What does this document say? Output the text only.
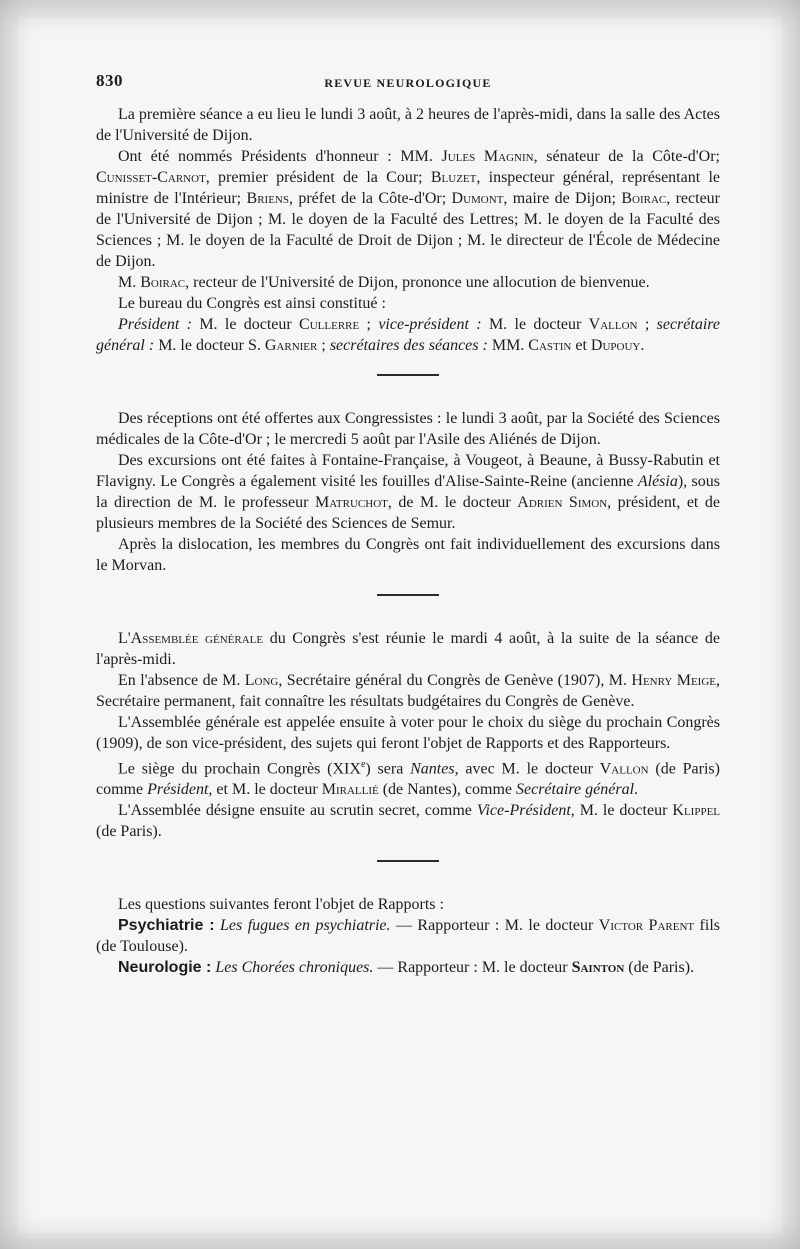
830	REVUE NEUROLOGIQUE

La première séance a eu lieu le lundi 3 août, à 2 heures de l'après-midi, dans la salle des Actes de l'Université de Dijon.

Ont été nommés Présidents d'honneur : MM. Jules Magnin, sénateur de la Côte-d'Or; Cunisset-Carnot, premier président de la Cour; Bluzet, inspecteur général, représentant le ministre de l'Intérieur; Briens, préfet de la Côte-d'Or; Dumont, maire de Dijon; Boirac, recteur de l'Université de Dijon ; M. le doyen de la Faculté des Lettres; M. le doyen de la Faculté des Sciences ; M. le doyen de la Faculté de Droit de Dijon ; M. le directeur de l'École de Médecine de Dijon.

M. Boirac, recteur de l'Université de Dijon, prononce une allocution de bienvenue.

Le bureau du Congrès est ainsi constitué :

Président : M. le docteur Cullerre ; vice-président : M. le docteur Vallon ; secrétaire général : M. le docteur S. Garnier ; secrétaires des séances : MM. Castin et Dupouy.

Des réceptions ont été offertes aux Congressistes : le lundi 3 août, par la Société des Sciences médicales de la Côte-d'Or ; le mercredi 5 août par l'Asile des Aliénés de Dijon.

Des excursions ont été faites à Fontaine-Française, à Vougeot, à Beaune, à Bussy-Rabutin et Flavigny. Le Congrès a également visité les fouilles d'Alise-Sainte-Reine (ancienne Alésia), sous la direction de M. le professeur Matruchot, de M. le docteur Adrien Simon, président, et de plusieurs membres de la Société des Sciences de Semur.

Après la dislocation, les membres du Congrès ont fait individuellement des excursions dans le Morvan.

L'Assemblée générale du Congrès s'est réunie le mardi 4 août, à la suite de la séance de l'après-midi.

En l'absence de M. Long, Secrétaire général du Congrès de Genève (1907), M. Henry Meige, Secrétaire permanent, fait connaître les résultats budgétaires du Congrès de Genève.

L'Assemblée générale est appelée ensuite à voter pour le choix du siège du prochain Congrès (1909), de son vice-président, des sujets qui feront l'objet de Rapports et des Rapporteurs.

Le siège du prochain Congrès (XIXe) sera Nantes, avec M. le docteur Vallon (de Paris) comme Président, et M. le docteur Mirallié (de Nantes), comme Secrétaire général.

L'Assemblée désigne ensuite au scrutin secret, comme Vice-Président, M. le docteur Klippel (de Paris).

Les questions suivantes feront l'objet de Rapports :

Psychiatrie : Les fugues en psychiatrie. — Rapporteur : M. le docteur Victor Parent fils (de Toulouse).

Neurologie : Les Chorées chroniques. — Rapporteur : M. le docteur Sainton (de Paris).
